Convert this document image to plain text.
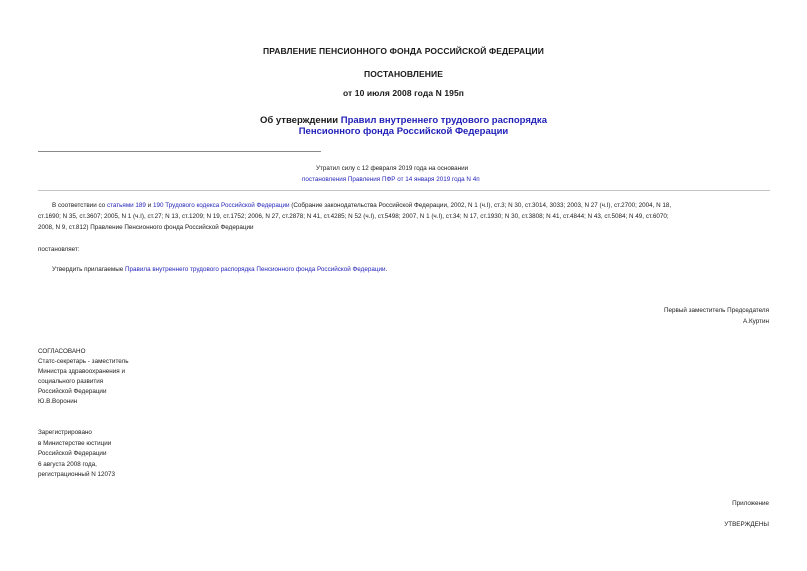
ПРАВЛЕНИЕ ПЕНСИОННОГО ФОНДА РОССИЙСКОЙ ФЕДЕРАЦИИ
ПОСТАНОВЛЕНИЕ
от 10 июля 2008 года N 195п
Об утверждении Правил внутреннего трудового распорядка
Пенсионного фонда Российской Федерации
Утратил силу с 12 февраля 2019 года на основании
постановления Правления ПФР от 14 января 2019 года N 4п
В соответствии со статьями 189 и 190 Трудового кодекса Российской Федерации (Собрание законодательства Российской Федерации, 2002, N 1 (ч.I), ст.3; N 30, ст.3014, 3033; 2003, N 27 (ч.I), ст.2700; 2004, N 18,
ст.1690; N 35, ст.3607; 2005, N 1 (ч.I), ст.27; N 13, ст.1209; N 19, ст.1752; 2006, N 27, ст.2878; N 41, ст.4285; N 52 (ч.I), ст.5498; 2007, N 1 (ч.I), ст.34; N 17, ст.1930; N 30, ст.3808; N 41, ст.4844; N 43, ст.5084; N 49, ст.6070;
2008, N 9, ст.812) Правление Пенсионного фонда Российской Федерации
постановляет:
Утвердить прилагаемые Правила внутреннего трудового распорядка Пенсионного фонда Российской Федерации.
Первый заместитель Председателя
А.Куртин
СОГЛАСОВАНО
Статс-секретарь - заместитель
Министра здравоохранения и
социального развития
Российской Федерации
Ю.В.Воронин
Зарегистрировано
в Министерстве юстиции
Российской Федерации
6 августа 2008 года,
регистрационный N 12073
Приложение
УТВЕРЖДЕНЫ
